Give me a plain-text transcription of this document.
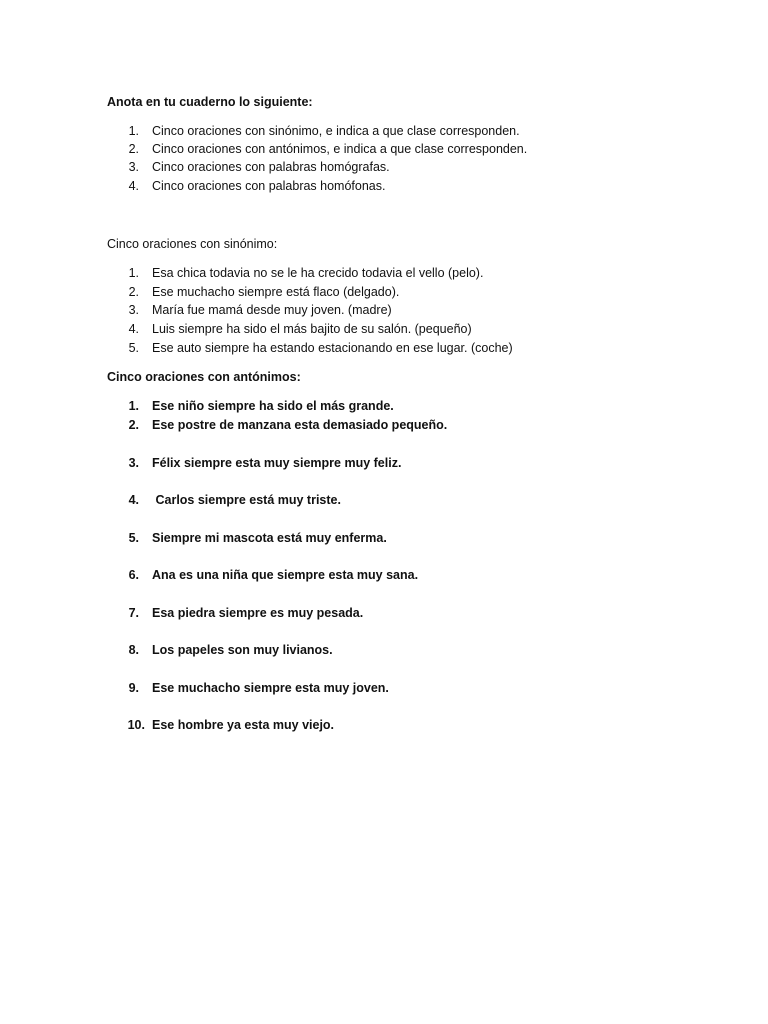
Anota en tu cuaderno lo siguiente:
1. Cinco oraciones con sinónimo, e indica a que clase corresponden.
2. Cinco oraciones con antónimos, e indica a que clase corresponden.
3. Cinco oraciones con palabras homógrafas.
4. Cinco oraciones con palabras homófonas.
Cinco oraciones con sinónimo:
1. Esa chica todavia no se le ha crecido todavia el vello (pelo).
2. Ese muchacho siempre está flaco (delgado).
3. María fue mamá desde muy joven. (madre)
4. Luis siempre ha sido el más bajito de su salón. (pequeño)
5. Ese auto siempre ha estando estacionando en ese lugar. (coche)
Cinco oraciones con antónimos:
1. Ese niño siempre ha sido el más grande.
2. Ese postre de manzana esta demasiado pequeño.
3. Félix siempre esta muy siempre muy feliz.
4. Carlos siempre está muy triste.
5. Siempre mi mascota está muy enferma.
6. Ana es una niña que siempre esta muy sana.
7. Esa piedra siempre es muy pesada.
8. Los papeles son muy livianos.
9. Ese muchacho siempre esta muy joven.
10. Ese hombre ya esta muy viejo.
